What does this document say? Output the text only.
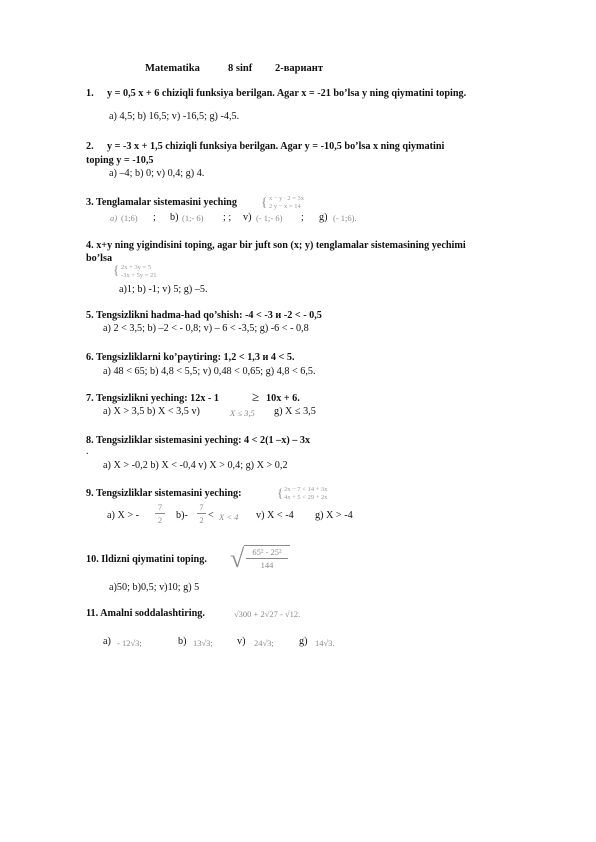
Matematika	8 sinf 2-вариант
1. y = 0,5 x + 6 chiziqli funksiya berilgan. Agar x = -21 bo’lsa y ning qiymatini toping.
a) 4,5; b) 16,5; v) -16,5; g) -4,5.
2. y = -3 x + 1,5 chiziqli funksiya berilgan. Agar y = -10,5 bo’lsa x ning qiymatini
toping y = -10,5
a) –4; b) 0; v) 0,4; g) 4.
3. Tenglamalar sistemasini yeching { x − y ∙ 2 = 3x
2 y − x = 14
a) (1;6) ; b) (1;- 6) ; ; v) (- 1;- 6) ; g) (- 1;6).
4. x+y ning yigindisini toping, agar bir juft son (x; y) tenglamalar sistemasining yechimi
bo’lsa
{ 2x + 3y = 5
-3x + 5y = 21
a)1; b) -1; v) 5; g) –5.
5. Tengsizlikni hadma-had qo’shish: -4 < -3 и -2 < - 0,5
a) 2 < 3,5; b) –2 < - 0,8; v) – 6 < -3,5; g) -6 < - 0,8
6. Tengsizliklarni ko’paytiring: 1,2 < 1,3 и 4 < 5.
a) 48 < 65; b) 4,8 < 5,5; v) 0,48 < 0,65; g) 4,8 < 6,5.
7. Tengsizlikni yeching: 12x - 1	≥ 10x + 6.
a) X > 3,5 b) X < 3,5 v)	X ≤ 3,5 g) X ≤ 3,5
8. Tengsizliklar sistemasini yeching: 4 < 2(1 –x) – 3x
.
a) X > -0,2 b) X < -0,4 v) X > 0,4; g) X > 0,2
9. Tengsizliklar sistemasini yeching:	{ 2x − 7 < 14 + 3x
4x + 5 < 29 + 2x
a) X > -
7
2 b)-
7
2 < X < 4 v) X < -4 g) X > -4
10. Ildizni qiymatini toping. √ 65² - 25²
144
a)50; b)0,5; v)10; g) 5
11. Amalni soddalashtiring.	√300 + 2√27 - √12.
a) - 12√3;	b) 13√3; v) 24√3; g) 14√3.
